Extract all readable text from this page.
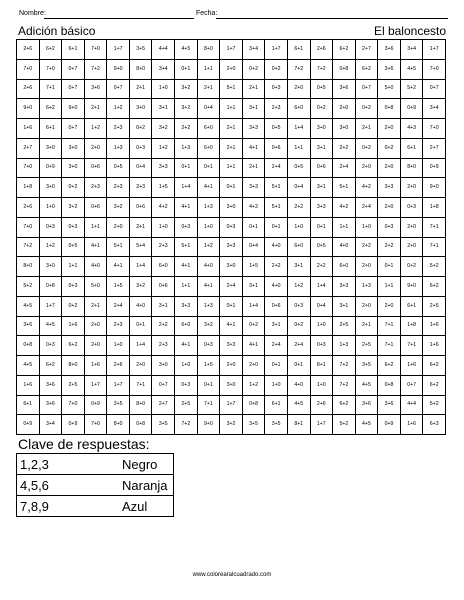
Nombre:	Fecha:
Adición básico	El baloncesto
2+6	6+2	6+1	7+0	1+7	3+5	4+4	4+5	8+0	1+7	3+4	1+7	6+1	2+6	6+2	2+7	3+6	3+4	1+7
7+0	7+0	0+7	7+2	9+0	8+0	3+4	0+1	1+1	2+0	0+2	0+2	7+2	7+2	0+8	6+2	3+6	4+5	7+0
2+6	7+1	0+7	3+6	0+7	2+1	1+0	3+2	2+1	5+1	2+1	0+3	2+0	0+5	3+6	0+7	5+0	5+2	0+7
9+0	6+2	9+0	2+1	1+2	3+0	3+1	3+2	0+4	1+1	3+1	2+3	6+0	0+2	2+0	0+2	0+8	0+9	3+4
1+6	6+1	0+7	1+2	2+3	0+2	3+2	2+2	6+0	2+1	3+3	0+5	1+4	3+0	3+0	2+1	2+0	4+3	7+0
2+7	3+0	3+0	2+0	1+3	0+3	1+2	1+3	6+0	2+1	4+1	0+6	1+1	3+1	2+2	0+2	0+2	6+1	2+7
7+0	0+9	3+0	0+6	0+5	0+4	3+3	0+1	0+1	1+1	2+1	2+4	0+5	0+6	2+4	2+0	2+0	8+0	0+9
1+8	3+0	0+2	2+3	2+3	2+3	1+5	1+4	4+1	0+1	3+3	5+1	0+4	3+1	5+1	4+2	3+3	2+0	9+0
2+6	1+0	3+2	0+6	3+2	0+6	4+2	4+1	1+3	3+0	4+2	5+1	2+2	3+3	4+2	2+4	2+0	0+3	1+8
7+0	0+3	0+3	1+1	2+0	2+1	1+0	0+3	1+0	0+3	0+1	0+1	1+0	0+1	1+1	1+0	0+3	2+0	7+1
7+2	1+2	0+5	4+1	5+1	5+4	2+3	5+1	1+2	3+3	0+4	4+0	6+0	0+5	4+0	2+2	2+2	2+0	7+1
8+0	3+0	1+1	4+0	4+1	1+4	6+0	4+1	4+0	3+0	1+5	2+2	3+1	2+2	6+0	2+0	0+1	0+2	5+2
5+2	0+8	0+3	5+0	1+5	3+2	0+6	1+1	4+1	2+4	3+1	4+0	1+2	1+4	3+3	1+3	1+1	9+0	6+2
4+5	1+7	0+2	2+1	2+4	4+0	3+1	3+3	1+3	0+1	1+4	0+6	0+3	0+4	3+1	2+0	2+0	6+1	2+5
3+6	4+5	1+6	2+0	2+3	0+1	2+2	6+0	3+2	4+1	0+2	3+1	0+2	1+0	2+5	2+1	7+1	1+8	1+6
0+8	0+3	6+2	2+0	1+0	1+4	2+3	4+1	0+3	3+3	4+1	2+4	2+4	0+3	1+3	2+5	7+1	7+1	1+6
4+5	6+2	8+0	1+6	2+6	2+0	3+0	1+0	1+5	2+0	2+0	0+1	0+1	8+1	7+2	3+5	6+2	1+6	6+2
1+6	3+6	2+5	1+7	1+7	7+1	0+7	0+3	0+1	3+0	1+2	1+0	4+0	1+0	7+2	4+5	0+8	0+7	6+2
6+1	3+6	7+0	0+9	3+5	8+0	2+7	2+5	7+1	1+7	0+8	6+1	4+5	2+6	6+2	3+6	3+6	4+4	5+2
0+9	3+4	0+9	7+0	8+0	0+8	3+5	7+2	9+0	3+2	3+5	3+5	8+1	1+7	5+2	4+5	0+9	1+6	6+3
Clave de respuestas:
1,2,3	Negro
4,5,6	Naranja
7,8,9	Azul
www.colorearalcuadrado.com
